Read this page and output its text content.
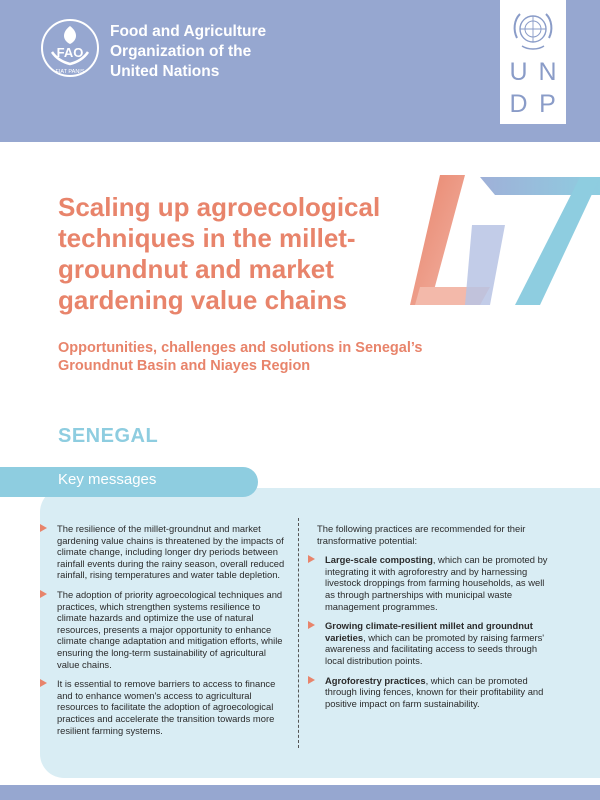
FAO
FIAT PANIS
Food and Agriculture
Organization of the
United Nations	U N
D P
Scaling up agroecological techniques in the millet-groundnut and market gardening value chains
Opportunities, challenges and solutions in Senegal’s Groundnut Basin and Niayes Region
SENEGAL
Key messages
The resilience of the millet-groundnut and market gardening value chains is threatened by the impacts of climate change, including longer dry periods between rainfall events during the rainy season, overall reduced rainfall, rising temperatures and water table depletion.
The adoption of priority agroecological techniques and practices, which strengthen systems resilience to climate hazards and optimize the use of natural resources, presents a major opportunity to enhance climate change adaptation and mitigation efforts, while ensuring the long-term sustainability of agricultural value chains.
It is essential to remove barriers to access to finance and to enhance women's access to agricultural resources to facilitate the adoption of agroecological practices and accelerate the transition towards more resilient farming systems.
The following practices are recommended for their transformative potential:
Large-scale composting, which can be promoted by integrating it with agroforestry and by harnessing livestock droppings from farming households, as well as through partnerships with municipal waste management programmes.
Growing climate-resilient millet and groundnut varieties, which can be promoted by raising farmers' awareness and facilitating access to seeds through local distribution points.
Agroforestry practices, which can be promoted through living fences, known for their profitability and positive impact on farm sustainability.
